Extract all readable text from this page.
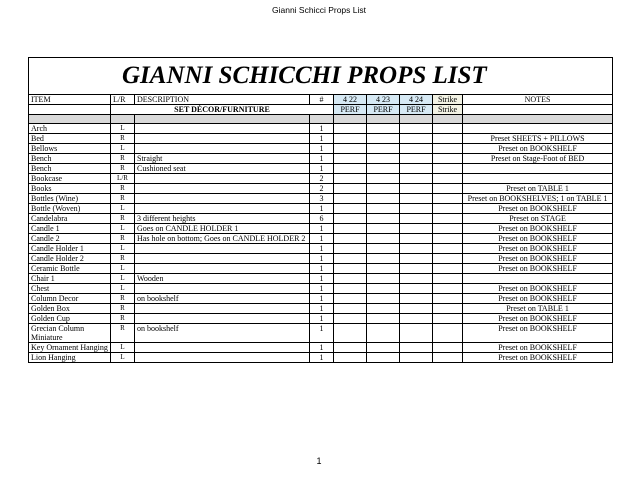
Gianni Schicci Props List
GIANNI SCHICCHI PROPS LIST								

ITEM	L/R	DESCRIPTION	#	4 22	4 23	4 24	Strike	NOTES
	SET DÉCOR/FURNITURE			PERF	PERF	PERF	Strike	

Arch	L		1					
Bed	R		1					Preset SHEETS + PILLOWS
Bellows	L		1					Preset on BOOKSHELF
Bench	R	Straight	1					Preset on Stage-Foot of BED
Bench	R	Cushioned seat	1					
Bookcase	L/R		2					
Books	R		2					Preset on TABLE 1
Bottles (Wine)	R		3					Preset on BOOKSHELVES; 1 on TABLE 1
Bottle (Woven)	L		1					Preset on BOOKSHELF
Candelabra	R	3 different heights	6					Preset on STAGE
Candle 1	L	Goes on CANDLE HOLDER 1	1					Preset on BOOKSHELF
Candle 2	R	Has hole on bottom; Goes on CANDLE HOLDER 2	1					Preset on BOOKSHELF
Candle Holder 1	L		1					Preset on BOOKSHELF
Candle Holder 2	R		1					Preset on BOOKSHELF
Ceramic Bottle	L		1					Preset on BOOKSHELF
Chair 1	L	Wooden	1					
Chest	L		1					Preset on BOOKSHELF
Column Decor	R	on bookshelf	1					Preset on BOOKSHELF
Golden Box	R		1					Preset on TABLE 1
Golden Cup	R		1					Preset on BOOKSHELF
Grecian Column Miniature	R	on bookshelf	1					Preset on BOOKSHELF
Key Ornament Hanging	L		1					Preset on BOOKSHELF
Lion Hanging	L		1					Preset on BOOKSHELF
1
